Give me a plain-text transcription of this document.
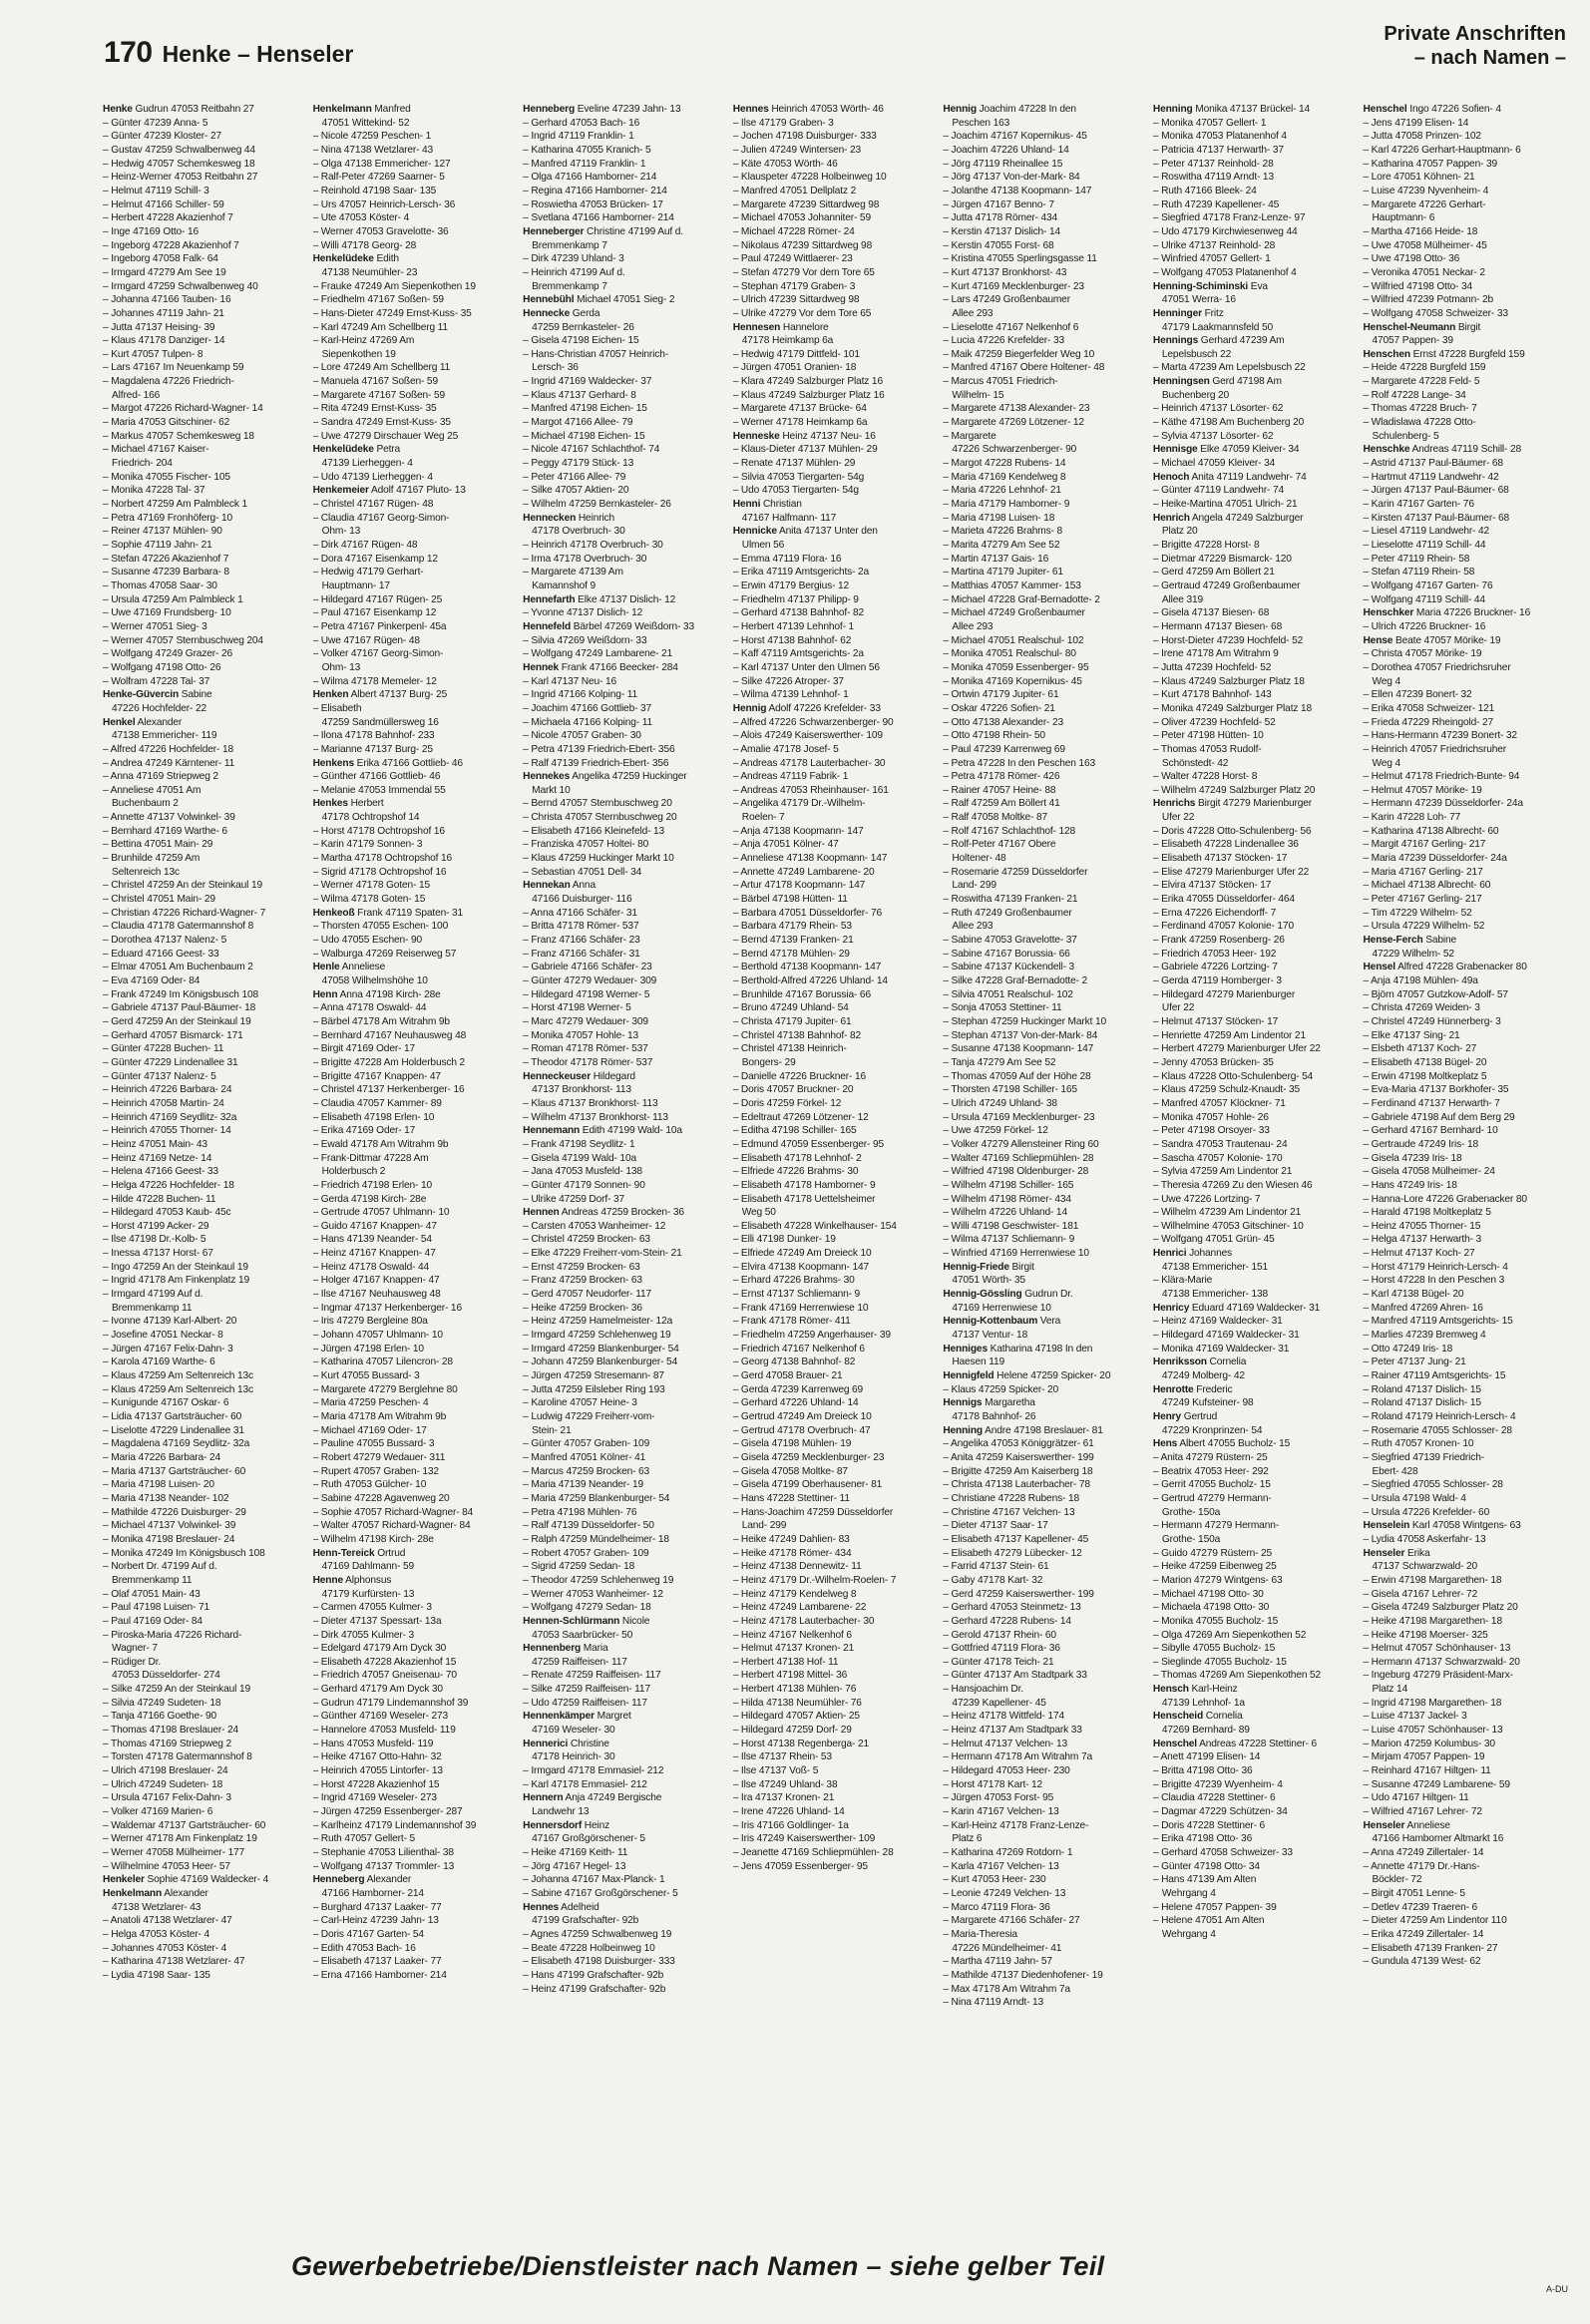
170 Henke – Henseler
Private Anschriften
– nach Namen –
Henke Gudrun 47053 Reitbahn 27
– Günter 47239 Anna- 5
– Günter 47239 Kloster- 27
– Gustav 47259 Schwalbenweg 44
– Hedwig 47057 Schemkesweg 18
– Heinz-Werner 47053 Reitbahn 27
– Helmut 47119 Schill- 3
– Helmut 47166 Schiller- 59
– Herbert 47228 Akazienhof 7
– Inge 47169 Otto- 16
– Ingeborg 47228 Akazienhof 7
– Ingeborg 47058 Falk- 64
– Irmgard 47279 Am See 19
– Irmgard 47259 Schwalbenweg 40
– Johanna 47166 Tauben- 16
– Johannes 47119 Jahn- 21
– Jutta 47137 Heising- 39
– Klaus 47178 Danziger- 14
– Kurt 47057 Tulpen- 8
– Lars 47167 Im Neuenkamp 59
– Magdalena 47226 Friedrich-
Alfred- 166
– Margot 47226 Richard-Wagner- 14
– Maria 47053 Gitschiner- 62
– Markus 47057 Schemkesweg 18
– Michael 47167 Kaiser-
Friedrich- 204
– Monika 47055 Fischer- 105
– Monika 47228 Tal- 37
– Norbert 47259 Am Palmbleck 1
– Petra 47169 Fronhöferg- 10
– Reiner 47137 Mühlen- 90
– Sophie 47119 Jahn- 21
– Stefan 47226 Akazienhof 7
– Susanne 47239 Barbara- 8
– Thomas 47058 Saar- 30
– Ursula 47259 Am Palmbleck 1
– Uwe 47169 Frundsberg- 10
– Werner 47051 Sieg- 3
– Werner 47057 Sternbuschweg 204
– Wolfgang 47249 Grazer- 26
– Wolfgang 47198 Otto- 26
– Wolfram 47228 Tal- 37
Henke-Güvercin Sabine
47226 Hochfelder- 22
Henkel Alexander
47138 Emmericher- 119
– Alfred 47226 Hochfelder- 18
– Andrea 47249 Kärntener- 11
– Anna 47169 Striepweg 2
– Anneliese 47051 Am
Buchenbaum 2
– Annette 47137 Volwinkel- 39
– Bernhard 47169 Warthe- 6
– Bettina 47051 Main- 29
– Brunhilde 47259 Am
Seltenreich 13c
– Christel 47259 An der Steinkaul 19
– Christel 47051 Main- 29
– Christian 47226 Richard-Wagner- 7
– Claudia 47178 Gatermannshof 8
– Dorothea 47137 Nalenz- 5
– Eduard 47166 Geest- 33
– Elmar 47051 Am Buchenbaum 2
– Eva 47169 Oder- 84
– Frank 47249 Im Königsbusch 108
– Gabriele 47137 Paul-Bäumer- 18
– Gerd 47259 An der Steinkaul 19
– Gerhard 47057 Bismarck- 171
– Günter 47228 Buchen- 11
– Günter 47229 Lindenallee 31
– Günter 47137 Nalenz- 5
– Heinrich 47226 Barbara- 24
– Heinrich 47058 Martin- 24
– Heinrich 47169 Seydlitz- 32a
– Heinrich 47055 Thorner- 14
– Heinz 47051 Main- 43
– Heinz 47169 Netze- 14
– Helena 47166 Geest- 33
– Helga 47226 Hochfelder- 18
– Hilde 47228 Buchen- 11
– Hildegard 47053 Kaub- 45c
– Horst 47199 Acker- 29
– Ilse 47198 Dr.-Kolb- 5
– Inessa 47137 Horst- 67
– Ingo 47259 An der Steinkaul 19
– Ingrid 47178 Am Finkenplatz 19
– Irmgard 47199 Auf d.
Bremmenkamp 11
– Ivonne 47139 Karl-Albert- 20
– Josefine 47051 Neckar- 8
– Jürgen 47167 Felix-Dahn- 3
– Karola 47169 Warthe- 6
– Klaus 47259 Am Seltenreich 13c
– Klaus 47259 Am Seltenreich 13c
– Kunigunde 47167 Oskar- 6
– Lidia 47137 Gartsträucher- 60
– Liselotte 47229 Lindenallee 31
– Magdalena 47169 Seydlitz- 32a
– Maria 47226 Barbara- 24
– Maria 47137 Gartsträucher- 60
– Maria 47198 Luisen- 20
– Maria 47138 Neander- 102
– Mathilde 47226 Duisburger- 29
– Michael 47137 Volwinkel- 39
– Monika 47198 Breslauer- 24
– Monika 47249 Im Königsbusch 108
– Norbert Dr. 47199 Auf d.
Bremmenkamp 11
– Olaf 47051 Main- 43
– Paul 47198 Luisen- 71
– Paul 47169 Oder- 84
– Piroska-Maria 47226 Richard-
Wagner- 7
– Rüdiger Dr.
47053 Düsseldorfer- 274
– Silke 47259 An der Steinkaul 19
– Silvia 47249 Sudeten- 18
– Tanja 47166 Goethe- 90
– Thomas 47198 Breslauer- 24
– Thomas 47169 Striepweg 2
– Torsten 47178 Gatermannshof 8
– Ulrich 47198 Breslauer- 24
– Ulrich 47249 Sudeten- 18
– Ursula 47167 Felix-Dahn- 3
– Volker 47169 Marien- 6
– Waldemar 47137 Gartsträucher- 60
– Werner 47178 Am Finkenplatz 19
– Werner 47058 Mülheimer- 177
– Wilhelmine 47053 Heer- 57
Henkeler Sophie 47169 Waldecker- 4
Henkelmann Alexander
47138 Wetzlarer- 43
– Anatoli 47138 Wetzlarer- 47
– Helga 47053 Köster- 4
– Johannes 47053 Köster- 4
– Katharina 47138 Wetzlarer- 47
– Lydia 47198 Saar- 135
Henkelmann Manfred
47051 Wittekind- 52
– Nicole 47259 Peschen- 1
– Nina 47138 Wetzlarer- 43
– Olga 47138 Emmericher- 127
– Ralf-Peter 47269 Saarner- 5
– Reinhold 47198 Saar- 135
– Urs 47057 Heinrich-Lersch- 36
– Ute 47053 Köster- 4
– Werner 47053 Gravelotte- 36
– Willi 47178 Georg- 28
Henkelüdeke Edith
47138 Neumühler- 23
– Frauke 47249 Am Siepenkothen 19
– Friedhelm 47167 Soßen- 59
– Hans-Dieter 47249 Ernst-Kuss- 35
– Karl 47249 Am Schellberg 11
– Karl-Heinz 47269 Am
Siepenkothen 19
– Lore 47249 Am Schellberg 11
– Manuela 47167 Soßen- 59
– Margarete 47167 Soßen- 59
– Rita 47249 Ernst-Kuss- 35
– Sandra 47249 Ernst-Kuss- 35
– Uwe 47279 Dirschauer Weg 25
Henkelüdeke Petra
47139 Lierheggen- 4
– Udo 47139 Lierheggen- 4
Henkemeier Adolf 47167 Pluto- 13
– Christel 47167 Rügen- 48
– Claudia 47167 Georg-Simon-
Ohm- 13
– Dirk 47167 Rügen- 48
– Dora 47167 Eisenkamp 12
– Hedwig 47179 Gerhart-
Hauptmann- 17
– Hildegard 47167 Rügen- 25
– Paul 47167 Eisenkamp 12
– Petra 47167 Pinkerpenl- 45a
– Uwe 47167 Rügen- 48
– Volker 47167 Georg-Simon-
Ohm- 13
– Wilma 47178 Memeler- 12
Henken Albert 47137 Burg- 25
– Elisabeth
47259 Sandmüllersweg 16
– Ilona 47178 Bahnhof- 233
– Marianne 47137 Burg- 25
Henkens Erika 47166 Gottlieb- 46
– Günther 47166 Gottlieb- 46
– Melanie 47053 Immendal 55
Henkes Herbert
47178 Ochtropshof 14
– Horst 47178 Ochtropshof 16
– Karin 47179 Sonnen- 3
– Martha 47178 Ochtropshof 16
– Sigrid 47178 Ochtropshof 16
– Werner 47178 Goten- 15
– Wilma 47178 Goten- 15
Henkeoß Frank 47119 Spaten- 31
– Thorsten 47055 Eschen- 100
– Udo 47055 Eschen- 90
– Walburga 47269 Reiserweg 57
Henle Anneliese
47058 Wilhelmshöhe 10
Henn Anna 47198 Kirch- 28e
– Anna 47178 Oswald- 44
– Bärbel 47178 Am Witrahm 9b
– Bernhard 47167 Neuhausweg 48
– Birgit 47169 Oder- 17
– Brigitte 47228 Am Holderbusch 2
– Brigitte 47167 Knappen- 47
– Christel 47137 Herkenberger- 16
– Claudia 47057 Kammer- 89
– Elisabeth 47198 Erlen- 10
– Erika 47169 Oder- 17
– Ewald 47178 Am Witrahm 9b
– Frank-Dittmar 47228 Am
Holderbusch 2
– Friedrich 47198 Erlen- 10
– Gerda 47198 Kirch- 28e
– Gertrude 47057 Uhlmann- 10
– Guido 47167 Knappen- 47
– Hans 47139 Neander- 54
– Heinz 47167 Knappen- 47
– Heinz 47178 Oswald- 44
– Holger 47167 Knappen- 47
– Ilse 47167 Neuhausweg 48
– Ingmar 47137 Herkenberger- 16
– Iris 47279 Bergleine 80a
– Johann 47057 Uhlmann- 10
– Jürgen 47198 Erlen- 10
– Katharina 47057 Lilencron- 28
– Kurt 47055 Bussard- 3
– Margarete 47279 Berglehne 80
– Maria 47259 Peschen- 4
– Maria 47178 Am Witrahm 9b
– Michael 47169 Oder- 17
– Pauline 47055 Bussard- 3
– Robert 47279 Wedauer- 311
– Rupert 47057 Graben- 132
– Ruth 47053 Gülcher- 10
– Sabine 47228 Agavenweg 20
– Sophie 47057 Richard-Wagner- 84
– Walter 47057 Richard-Wagner- 84
– Wilhelm 47198 Kirch- 28e
Henn-Tereick Ortrud
47169 Dahlmann- 59
Henne Alphonsus
47179 Kurfürsten- 13
– Carmen 47055 Kulmer- 3
– Dieter 47137 Spessart- 13a
– Dirk 47055 Kulmer- 3
– Edelgard 47179 Am Dyck 30
– Elisabeth 47228 Akazienhof 15
– Friedrich 47057 Gneisenau- 70
– Gerhard 47179 Am Dyck 30
– Gudrun 47179 Lindemannshof 39
– Günther 47169 Weseler- 273
– Hannelore 47053 Musfeld- 119
– Hans 47053 Musfeld- 119
– Heike 47167 Otto-Hahn- 32
– Heinrich 47055 Lintorfer- 13
– Horst 47228 Akazienhof 15
– Ingrid 47169 Weseler- 273
– Jürgen 47259 Essenberger- 287
– Karlheinz 47179 Lindemannshof 39
– Ruth 47057 Gellert- 5
– Stephanie 47053 Lilienthal- 38
– Wolfgang 47137 Trommler- 13
Henneberg Alexander
47166 Hamborner- 214
– Burghard 47137 Laaker- 77
– Carl-Heinz 47239 Jahn- 13
– Doris 47167 Garten- 54
– Edith 47053 Bach- 16
– Elisabeth 47137 Laaker- 77
– Erna 47166 Hamborner- 214
Henneberg Eveline 47239 Jahn- 13
– Gerhard 47053 Bach- 16
– Ingrid 47119 Franklin- 1
– Katharina 47055 Kranich- 5
– Manfred 47119 Franklin- 1
– Olga 47166 Hamborner- 214
– Regina 47166 Hamborner- 214
– Roswietha 47053 Brücken- 17
– Svetlana 47166 Hamborner- 214
Henneberger Christine 47199 Auf d.
Bremmenkamp 7
– Dirk 47239 Uhland- 3
– Heinrich 47199 Auf d.
Bremmenkamp 7
Hennebühl Michael 47051 Sieg- 2
Hennecke Gerda
47259 Bernkasteler- 26
– Gisela 47198 Eichen- 15
– Hans-Christian 47057 Heinrich-
Lersch- 36
– Ingrid 47169 Waldecker- 37
– Klaus 47137 Gerhard- 8
– Manfred 47198 Eichen- 15
– Margot 47166 Allee- 79
– Michael 47198 Eichen- 15
– Nicole 47167 Schlachthof- 74
– Peggy 47179 Stück- 13
– Peter 47166 Allee- 79
– Silke 47057 Aktien- 20
– Wilhelm 47259 Bernkasteler- 26
Hennecken Heinrich
47178 Overbruch- 30
– Heinrich 47178 Overbruch- 30
– Irma 47178 Overbruch- 30
– Margarete 47139 Am
Kamannshof 9
Hennefarth Elke 47137 Dislich- 12
– Yvonne 47137 Dislich- 12
Hennefeld Bärbel 47269 Weißdorn- 33
– Silvia 47269 Weißdorn- 33
– Wolfgang 47249 Lambarene- 21
Hennek Frank 47166 Beecker- 284
– Karl 47137 Neu- 16
– Ingrid 47166 Kolping- 11
– Joachim 47166 Gottlieb- 37
– Michaela 47166 Kolping- 11
– Nicole 47057 Graben- 30
– Petra 47139 Friedrich-Ebert- 356
– Ralf 47139 Friedrich-Ebert- 356
Hennekes Angelika 47259 Huckinger
Markt 10
– Bernd 47057 Sternbuschweg 20
– Christa 47057 Sternbuschweg 20
– Elisabeth 47166 Kleinefeld- 13
– Franziska 47057 Holtei- 80
– Klaus 47259 Huckinger Markt 10
– Sebastian 47051 Dell- 34
Hennekan Anna
47166 Duisburger- 116
– Anna 47166 Schäfer- 31
– Britta 47178 Römer- 537
– Franz 47166 Schäfer- 23
– Franz 47166 Schäfer- 31
– Gabriele 47166 Schäfer- 23
– Günter 47279 Wedauer- 309
– Hildegard 47198 Werner- 5
– Horst 47198 Werner- 5
– Marc 47279 Wedauer- 309
– Monika 47057 Hohle- 13
– Roman 47178 Römer- 537
– Theodor 47178 Römer- 537
Henneckeuser Hildegard
47137 Bronkhorst- 113
– Klaus 47137 Bronkhorst- 113
– Wilhelm 47137 Bronkhorst- 113
Hennemann Edith 47199 Wald- 10a
– Frank 47198 Seydlitz- 1
– Gisela 47199 Wald- 10a
– Jana 47053 Musfeld- 138
– Günter 47179 Sonnen- 90
– Ulrike 47259 Dorf- 37
Hennen Andreas 47259 Brocken- 36
– Carsten 47053 Wanheimer- 12
– Christel 47259 Brocken- 63
– Elke 47229 Freiherr-vom-Stein- 21
– Ernst 47259 Brocken- 63
– Franz 47259 Brocken- 63
– Gerd 47057 Neudorfer- 117
– Heike 47259 Brocken- 36
– Heinz 47259 Hamelmeister- 12a
– Irmgard 47259 Schlehenweg 19
– Irmgard 47259 Blankenburger- 54
– Johann 47259 Blankenburger- 54
– Jürgen 47259 Stresemann- 87
– Jutta 47259 Eilsleber Ring 193
– Karoline 47057 Heine- 3
– Ludwig 47229 Freiherr-vom-
Stein- 21
– Günter 47057 Graben- 109
– Manfred 47051 Kölner- 41
– Marcus 47259 Brocken- 63
– Maria 47139 Neander- 19
– Maria 47259 Blankenburger- 54
– Petra 47198 Mühlen- 76
– Ralf 47139 Düsseldorfer- 50
– Ralph 47259 Mündelheimer- 18
– Robert 47057 Graben- 109
– Sigrid 47259 Sedan- 18
– Theodor 47259 Schlehenweg 19
– Werner 47053 Wanheimer- 12
– Wolfgang 47279 Sedan- 18
Hennen-Schlürmann Nicole
47053 Saarbrücker- 50
Hennenberg Maria
47259 Raiffeisen- 117
– Renate 47259 Raiffeisen- 117
– Silke 47259 Raiffeisen- 117
– Udo 47259 Raiffeisen- 117
Hennenkämper Margret
47169 Weseler- 30
Hennerici Christine
47178 Heinrich- 30
– Irmgard 47178 Emmasiel- 212
– Karl 47178 Emmasiel- 212
Hennern Anja 47249 Bergische
Landwehr 13
Hennersdorf Heinz
47167 Großgörschener- 5
– Heike 47169 Keith- 11
– Jörg 47167 Hegel- 13
– Johanna 47167 Max-Planck- 1
– Sabine 47167 Großgörschener- 5
Hennes Adelheid
47199 Grafschafter- 92b
– Agnes 47259 Schwalbenweg 19
– Beate 47228 Holbeinweg 10
– Elisabeth 47198 Duisburger- 333
– Hans 47199 Grafschafter- 92b
– Heinz 47199 Grafschafter- 92b
Hennes Heinrich 47053 Wörth- 46
– Ilse 47179 Graben- 3
– Jochen 47198 Duisburger- 333
– Julien 47249 Wintersen- 23
– Käte 47053 Wörth- 46
– Klauspeter 47228 Holbeinweg 10
– Manfred 47051 Dellplatz 2
– Margarete 47239 Sittardweg 98
– Michael 47053 Johanniter- 59
– Michael 47228 Römer- 24
– Nikolaus 47239 Sittardweg 98
– Paul 47249 Wittlaerer- 23
– Stefan 47279 Vor dem Tore 65
– Stephan 47179 Graben- 3
– Ulrich 47239 Sittardweg 98
– Ulrike 47279 Vor dem Tore 65
Hennesen Hannelore
47178 Heimkamp 6a
– Hedwig 47179 Dittfeld- 101
– Jürgen 47051 Oranien- 18
– Klara 47249 Salzburger Platz 16
– Klaus 47249 Salzburger Platz 16
– Margarete 47137 Brücke- 64
– Werner 47178 Heimkamp 6a
Henneske Heinz 47137 Neu- 16
– Klaus-Dieter 47137 Mühlen- 29
– Renate 47137 Mühlen- 29
– Silvia 47053 Tiergarten- 54g
– Udo 47053 Tiergarten- 54g
Henni Christian
47167 Halfmann- 117
Hennicke Anita 47137 Unter den
Ulmen 56
– Emma 47119 Flora- 16
– Erika 47119 Amtsgerichts- 2a
– Erwin 47179 Bergius- 12
– Friedhelm 47137 Philipp- 9
– Gerhard 47138 Bahnhof- 82
– Herbert 47139 Lehnhof- 1
– Horst 47138 Bahnhof- 62
– Kaff 47119 Amtsgerichts- 2a
– Karl 47137 Unter den Ulmen 56
– Silke 47226 Atroper- 37
– Wilma 47139 Lehnhof- 1
Hennig Adolf 47226 Krefelder- 33
– Alfred 47226 Schwarzenberger- 90
– Alois 47249 Kaiserswerther- 109
– Amalie 47178 Josef- 5
– Andreas 47178 Lauterbacher- 30
– Andreas 47119 Fabrik- 1
– Andreas 47053 Rheinhauser- 161
– Angelika 47179 Dr.-Wilhelm-
Roelen- 7
– Anja 47138 Koopmann- 147
– Anja 47051 Kölner- 47
– Anneliese 47138 Koopmann- 147
– Annette 47249 Lambarene- 20
– Artur 47178 Koopmann- 147
– Bärbel 47198 Hütten- 11
– Barbara 47051 Düsseldorfer- 76
– Barbara 47179 Rhein- 53
– Bernd 47139 Franken- 21
– Bernd 47178 Mühlen- 29
– Berthold 47138 Koopmann- 147
– Berthold-Alfred 47226 Uhland- 14
– Brunhilde 47167 Borussia- 66
– Bruno 47249 Uhland- 54
– Christa 47179 Jupiter- 61
– Christel 47138 Bahnhof- 82
– Christel 47138 Heinrich-
Bongers- 29
– Danielle 47226 Bruckner- 16
– Doris 47057 Bruckner- 20
– Doris 47259 Förkel- 12
– Edeltraut 47269 Lötzener- 12
– Editha 47198 Schiller- 165
– Edmund 47059 Essenberger- 95
– Elisabeth 47178 Lehnhof- 2
– Elfriede 47226 Brahms- 30
– Elisabeth 47178 Hamborner- 9
– Elisabeth 47178 Uettelsheimer
Weg 50
– Elisabeth 47228 Winkelhauser- 154
– Elli 47198 Dunker- 19
– Elfriede 47249 Am Dreieck 10
– Elvira 47138 Koopmann- 147
– Erhard 47226 Brahms- 30
– Ernst 47137 Schliemann- 9
– Frank 47169 Herrenwiese 10
– Frank 47178 Römer- 411
– Friedhelm 47259 Angerhauser- 39
– Friedrich 47167 Nelkenhof 6
– Georg 47138 Bahnhof- 82
– Gerd 47058 Brauer- 21
– Gerda 47239 Karrenweg 69
– Gerhard 47226 Uhland- 14
– Gertrud 47249 Am Dreieck 10
– Gertrud 47178 Overbruch- 47
– Gisela 47198 Mühlen- 19
– Gisela 47259 Mecklenburger- 23
– Gisela 47058 Moltke- 87
– Gisela 47199 Oberhausener- 81
– Hans 47228 Stettiner- 11
– Hans-Joachim 47259 Düsseldorfer
Land- 299
– Heike 47249 Dahlien- 83
– Heike 47178 Römer- 434
– Heinz 47138 Dennewitz- 11
– Heinz 47179 Dr.-Wilhelm-Roelen- 7
– Heinz 47179 Kendelweg 8
– Heinz 47249 Lambarene- 22
– Heinz 47178 Lauterbacher- 30
– Heinz 47167 Nelkenhof 6
– Helmut 47137 Kronen- 21
– Herbert 47138 Hof- 11
– Herbert 47198 Mittel- 36
– Herbert 47138 Mühlen- 76
– Hilda 47138 Neumühler- 76
– Hildegard 47057 Aktien- 25
– Hildegard 47259 Dorf- 29
– Horst 47138 Regenberga- 21
– Ilse 47137 Rhein- 53
– Ilse 47137 Voß- 5
– Ilse 47249 Uhland- 38
– Ira 47137 Kronen- 21
– Irene 47226 Uhland- 14
– Iris 47166 Goldlinger- 1a
– Iris 47249 Kaiserswerther- 109
– Jeanette 47169 Schliepmühlen- 28
– Jens 47059 Essenberger- 95
Hennig Joachim 47228 In den
Peschen 163
– Joachim 47167 Kopernikus- 45
– Joachim 47226 Uhland- 14
– Jörg 47119 Rheinallee 15
– Jörg 47137 Von-der-Mark- 84
– Jolanthe 47138 Koopmann- 147
– Jürgen 47167 Benno- 7
– Jutta 47178 Römer- 434
– Kerstin 47137 Dislich- 14
– Kerstin 47055 Forst- 68
– Kristina 47055 Sperlingsgasse 11
– Kurt 47137 Bronkhorst- 43
– Kurt 47169 Mecklenburger- 23
– Lars 47249 Großenbaumer
Allee 293
– Lieselotte 47167 Nelkenhof 6
– Lucia 47226 Krefelder- 33
– Maik 47259 Biegerfelder Weg 10
– Manfred 47167 Obere Holtener- 48
– Marcus 47051 Friedrich-
Wilhelm- 15
– Margarete 47138 Alexander- 23
– Margarete 47269 Lötzener- 12
– Margarete
47226 Schwarzenberger- 90
– Margot 47228 Rubens- 14
– Maria 47169 Kendelweg 8
– Maria 47226 Lehnhof- 21
– Maria 47179 Hamborner- 9
– Maria 47198 Luisen- 18
– Marieta 47226 Brahms- 8
– Marita 47279 Am See 52
– Martin 47137 Gais- 16
– Martina 47179 Jupiter- 61
– Matthias 47057 Kammer- 153
– Michael 47228 Graf-Bernadotte- 2
– Michael 47249 Großenbaumer
Allee 293
– Michael 47051 Realschul- 102
– Monika 47051 Realschul- 80
– Monika 47059 Essenberger- 95
– Monika 47169 Kopernikus- 45
– Ortwin 47179 Jupiter- 61
– Oskar 47226 Sofien- 21
– Otto 47138 Alexander- 23
– Otto 47198 Rhein- 50
– Paul 47239 Karrenweg 69
– Petra 47228 In den Peschen 163
– Petra 47178 Römer- 426
– Rainer 47057 Heine- 88
– Ralf 47259 Am Böllert 41
– Ralf 47058 Moltke- 87
– Rolf 47167 Schlachthof- 128
– Rolf-Peter 47167 Obere
Holtener- 48
– Rosemarie 47259 Düsseldorfer
Land- 299
– Roswitha 47139 Franken- 21
– Ruth 47249 Großenbaumer
Allee 293
– Sabine 47053 Gravelotte- 37
– Sabine 47167 Borussia- 66
– Sabine 47137 Kückendell- 3
– Silke 47228 Graf-Bernadotte- 2
– Silvia 47051 Realschul- 102
– Sonja 47053 Stettiner- 11
– Stephan 47259 Huckinger Markt 10
– Stephan 47137 Von-der-Mark- 84
– Susanne 47138 Koopmann- 147
– Tanja 47279 Am See 52
– Thomas 47059 Auf der Höhe 28
– Thorsten 47198 Schiller- 165
– Ulrich 47249 Uhland- 38
– Ursula 47169 Mecklenburger- 23
– Uwe 47259 Förkel- 12
– Volker 47279 Allensteiner Ring 60
– Walter 47169 Schliepmühlen- 28
– Wilfried 47198 Oldenburger- 28
– Wilhelm 47198 Schiller- 165
– Wilhelm 47198 Römer- 434
– Wilhelm 47226 Uhland- 14
– Willi 47198 Geschwister- 181
– Wilma 47137 Schliemann- 9
– Winfried 47169 Herrenwiese 10
Hennig-Friede Birgit
47051 Wörth- 35
Hennig-Gössling Gudrun Dr.
47169 Herrenwiese 10
Hennig-Kottenbaum Vera
47137 Ventur- 18
Henniges Katharina 47198 In den
Haesen 119
Hennigfeld Helene 47259 Spicker- 20
– Klaus 47259 Spicker- 20
Hennigs Margaretha
47178 Bahnhof- 26
Henning Andre 47198 Breslauer- 81
– Angelika 47053 Königgrätzer- 61
– Anita 47259 Kaiserswerther- 199
– Brigitte 47259 Am Kaiserberg 18
– Christa 47138 Lauterbacher- 78
– Christiane 47228 Rubens- 18
– Christine 47167 Velchen- 13
– Dieter 47137 Saar- 17
– Elisabeth 47137 Kapellener- 45
– Elisabeth 47279 Lübecker- 12
– Farrid 47137 Stein- 61
– Gaby 47178 Kart- 32
– Gerd 47259 Kaiserswerther- 199
– Gerhard 47053 Steinmetz- 13
– Gerhard 47228 Rubens- 14
– Gerold 47137 Rhein- 60
– Gottfried 47119 Flora- 36
– Günter 47178 Teich- 21
– Günter 47137 Am Stadtpark 33
– Hansjoachim Dr.
47239 Kapellener- 45
– Heinz 47178 Wittfeld- 174
– Heinz 47137 Am Stadtpark 33
– Helmut 47137 Velchen- 13
– Hermann 47178 Am Witrahm 7a
– Hildegard 47053 Heer- 230
– Horst 47178 Kart- 12
– Jürgen 47053 Forst- 95
– Karin 47167 Velchen- 13
– Karl-Heinz 47178 Franz-Lenze-
Platz 6
– Katharina 47269 Rotdorn- 1
– Karla 47167 Velchen- 13
– Kurt 47053 Heer- 230
– Leonie 47249 Velchen- 13
– Marco 47119 Flora- 36
– Margarete 47166 Schäfer- 27
– Maria-Theresia
47226 Mündelheimer- 41
– Martha 47119 Jahn- 57
– Mathilde 47137 Diedenhofener- 19
– Max 47178 Am Witrahm 7a
– Nina 47119 Arndt- 13
Henning Monika 47137 Brückel- 14
– Monika 47057 Gellert- 1
– Monika 47053 Platanenhof 4
– Patricia 47137 Herwarth- 37
– Peter 47137 Reinhold- 28
– Roswitha 47119 Arndt- 13
– Ruth 47166 Bleek- 24
– Ruth 47239 Kapellener- 45
– Siegfried 47178 Franz-Lenze- 97
– Udo 47179 Kirchwiesenweg 44
– Ulrike 47137 Reinhold- 28
– Winfried 47057 Gellert- 1
– Wolfgang 47053 Platanenhof 4
Henning-Schiminski Eva
47051 Werra- 16
Henninger Fritz
47179 Laakmannsfeld 50
Hennings Gerhard 47239 Am
Lepelsbusch 22
– Marta 47239 Am Lepelsbusch 22
Henningsen Gerd 47198 Am
Buchenberg 20
– Heinrich 47137 Lösorter- 62
– Käthe 47198 Am Buchenberg 20
– Sylvia 47137 Lösorter- 62
Hennisge Elke 47059 Kleiver- 34
– Michael 47059 Kleiver- 34
Henoch Anita 47119 Landwehr- 74
– Günter 47119 Landwehr- 74
– Heike-Martina 47051 Ulrich- 21
Henrich Angela 47249 Salzburger
Platz 20
– Brigitte 47228 Horst- 8
– Dietmar 47229 Bismarck- 120
– Gerd 47259 Am Böllert 21
– Gertraud 47249 Großenbaumer
Allee 319
– Gisela 47137 Biesen- 68
– Hermann 47137 Biesen- 68
– Horst-Dieter 47239 Hochfeld- 52
– Irene 47178 Am Witrahm 9
– Jutta 47239 Hochfeld- 52
– Klaus 47249 Salzburger Platz 18
– Kurt 47178 Bahnhof- 143
– Monika 47249 Salzburger Platz 18
– Oliver 47239 Hochfeld- 52
– Peter 47198 Hütten- 10
– Thomas 47053 Rudolf-
Schönstedt- 42
– Walter 47228 Horst- 8
– Wilhelm 47249 Salzburger Platz 20
Henrichs Birgit 47279 Marienburger
Ufer 22
– Doris 47228 Otto-Schulenberg- 56
– Elisabeth 47228 Lindenallee 36
– Elisabeth 47137 Stöcken- 17
– Elise 47279 Marienburger Ufer 22
– Elvira 47137 Stöcken- 17
– Erika 47055 Düsseldorfer- 464
– Erna 47226 Eichendorff- 7
– Ferdinand 47057 Kolonie- 170
– Frank 47259 Rosenberg- 26
– Friedrich 47053 Heer- 192
– Gabriele 47226 Lortzing- 7
– Gerda 47119 Homberger- 3
– Hildegard 47279 Marienburger
Ufer 22
– Helmut 47137 Stöcken- 17
– Henriette 47259 Am Lindentor 21
– Herbert 47279 Marienburger Ufer 22
– Jenny 47053 Brücken- 35
– Klaus 47228 Otto-Schulenberg- 54
– Klaus 47259 Schulz-Knaudt- 35
– Manfred 47057 Klöckner- 71
– Monika 47057 Hohle- 26
– Peter 47198 Orsoyer- 33
– Sandra 47053 Trautenau- 24
– Sascha 47057 Kolonie- 170
– Sylvia 47259 Am Lindentor 21
– Theresia 47269 Zu den Wiesen 46
– Uwe 47226 Lortzing- 7
– Wilhelm 47239 Am Lindentor 21
– Wilhelmine 47053 Gitschiner- 10
– Wolfgang 47051 Grün- 45
Henrici Johannes
47138 Emmericher- 151
– Klära-Marie
47138 Emmericher- 138
Henricy Eduard 47169 Waldecker- 31
– Heinz 47169 Waldecker- 31
– Hildegard 47169 Waldecker- 31
– Monika 47169 Waldecker- 31
Henriksson Cornelia
47249 Molberg- 42
Henrotte Frederic
47249 Kufsteiner- 98
Henry Gertrud
47229 Kronprinzen- 54
Hens Albert 47055 Bucholz- 15
– Anita 47279 Rüstern- 25
– Beatrix 47053 Heer- 292
– Gerrit 47055 Bucholz- 15
– Gertrud 47279 Hermann-
Grothe- 150a
– Hermann 47279 Hermann-
Grothe- 150a
– Guido 47279 Rüstern- 25
– Heike 47259 Eibenweg 25
– Marion 47279 Wintgens- 63
– Michael 47198 Otto- 30
– Michaela 47198 Otto- 30
– Monika 47055 Bucholz- 15
– Olga 47269 Am Siepenkothen 52
– Sibylle 47055 Bucholz- 15
– Sieglinde 47055 Bucholz- 15
– Thomas 47269 Am Siepenkothen 52
Hensch Karl-Heinz
47139 Lehnhof- 1a
Henscheid Cornelia
47269 Bernhard- 89
Henschel Andreas 47228 Stettiner- 6
– Anett 47199 Elisen- 14
– Britta 47198 Otto- 36
– Brigitte 47239 Wyenheim- 4
– Claudia 47228 Stettiner- 6
– Dagmar 47229 Schützen- 34
– Doris 47228 Stettiner- 6
– Erika 47198 Otto- 36
– Gerhard 47058 Schweizer- 33
– Günter 47198 Otto- 34
– Hans 47139 Am Alten
Wehrgang 4
– Helene 47057 Pappen- 39
– Helene 47051 Am Alten
Wehrgang 4
Henschel Ingo 47226 Sofien- 4
– Jens 47199 Elisen- 14
– Jutta 47058 Prinzen- 102
– Karl 47226 Gerhart-Hauptmann- 6
– Katharina 47057 Pappen- 39
– Lore 47051 Köhnen- 21
– Luise 47239 Nyvenheim- 4
– Margarete 47226 Gerhart-
Hauptmann- 6
– Martha 47166 Heide- 18
– Uwe 47058 Mülheimer- 45
– Uwe 47198 Otto- 36
– Veronika 47051 Neckar- 2
– Wilfried 47198 Otto- 34
– Wilfried 47239 Potmann- 2b
– Wolfgang 47058 Schweizer- 33
Henschel-Neumann Birgit
47057 Pappen- 39
Henschen Ernst 47228 Burgfeld 159
– Heide 47228 Burgfeld 159
– Margarete 47228 Feld- 5
– Rolf 47228 Lange- 34
– Thomas 47228 Bruch- 7
– Wladislawa 47228 Otto-
Schulenberg- 5
Henschke Andreas 47119 Schill- 28
– Astrid 47137 Paul-Bäumer- 68
– Hartmut 47119 Landwehr- 42
– Jürgen 47137 Paul-Bäumer- 68
– Karin 47167 Garten- 76
– Kirsten 47137 Paul-Bäumer- 68
– Liesel 47119 Landwehr- 42
– Lieselotte 47119 Schill- 44
– Peter 47119 Rhein- 58
– Stefan 47119 Rhein- 58
– Wolfgang 47167 Garten- 76
– Wolfgang 47119 Schill- 44
Henschker Maria 47226 Bruckner- 16
– Ulrich 47226 Bruckner- 16
Hense Beate 47057 Mörike- 19
– Christa 47057 Mörike- 19
– Dorothea 47057 Friedrichsruher
Weg 4
– Ellen 47239 Bonert- 32
– Erika 47058 Schweizer- 121
– Frieda 47229 Rheingold- 27
– Hans-Hermann 47239 Bonert- 32
– Heinrich 47057 Friedrichsruher
Weg 4
– Helmut 47178 Friedrich-Bunte- 94
– Helmut 47057 Mörike- 19
– Hermann 47239 Düsseldorfer- 24a
– Karin 47228 Loh- 77
– Katharina 47138 Albrecht- 60
– Margit 47167 Gerling- 217
– Maria 47239 Düsseldorfer- 24a
– Maria 47167 Gerling- 217
– Michael 47138 Albrecht- 60
– Peter 47167 Gerling- 217
– Tim 47229 Wilhelm- 52
– Ursula 47229 Wilhelm- 52
Hense-Ferch Sabine
47229 Wilhelm- 52
Hensel Alfred 47228 Grabenacker 80
– Anja 47198 Mühlen- 49a
– Björn 47057 Gutzkow-Adolf- 57
– Christa 47269 Weiden- 3
– Christel 47249 Hünnerberg- 3
– Elke 47137 Sing- 21
– Elsbeth 47137 Koch- 27
– Elisabeth 47138 Bügel- 20
– Erwin 47198 Moltkeplatz 5
– Eva-Maria 47137 Borkhofer- 35
– Ferdinand 47137 Herwarth- 7
– Gabriele 47198 Auf dem Berg 29
– Gerhard 47167 Bernhard- 10
– Gertraude 47249 Iris- 18
– Gisela 47239 Iris- 18
– Gisela 47058 Mülheimer- 24
– Hans 47249 Iris- 18
– Hanna-Lore 47226 Grabenacker 80
– Harald 47198 Moltkeplatz 5
– Heinz 47055 Thorner- 15
– Helga 47137 Herwarth- 3
– Helmut 47137 Koch- 27
– Horst 47179 Heinrich-Lersch- 4
– Horst 47228 In den Peschen 3
– Karl 47138 Bügel- 20
– Manfred 47269 Ahren- 16
– Manfred 47119 Amtsgerichts- 15
– Marlies 47239 Bremweg 4
– Otto 47249 Iris- 18
– Peter 47137 Jung- 21
– Rainer 47119 Amtsgerichts- 15
– Roland 47137 Dislich- 15
– Roland 47137 Dislich- 15
– Roland 47179 Heinrich-Lersch- 4
– Rosemarie 47055 Schlosser- 28
– Ruth 47057 Kronen- 10
– Siegfried 47139 Friedrich-
Ebert- 428
– Siegfried 47055 Schlosser- 28
– Ursula 47198 Wald- 4
– Ursula 47226 Krefelder- 60
Henselein Karl 47058 Wintgens- 63
– Lydia 47058 Askerfahr- 13
Henseler Erika
47137 Schwarzwald- 20
– Erwin 47198 Margarethen- 18
– Gisela 47167 Lehrer- 72
– Gisela 47249 Salzburger Platz 20
– Heike 47198 Margarethen- 18
– Heike 47198 Moerser- 325
– Helmut 47057 Schönhauser- 13
– Hermann 47137 Schwarzwald- 20
– Ingeburg 47279 Präsident-Marx-
Platz 14
– Ingrid 47198 Margarethen- 18
– Luise 47137 Jackel- 3
– Luise 47057 Schönhauser- 13
– Marion 47259 Kolumbus- 30
– Mirjam 47057 Pappen- 19
– Reinhard 47167 Hiltgen- 11
– Susanne 47249 Lambarene- 59
– Udo 47167 Hiltgen- 11
– Wilfried 47167 Lehrer- 72
Henseler Anneliese
47166 Hamborner Altmarkt 16
– Anna 47249 Zillertaler- 14
– Annette 47179 Dr.-Hans-
Böckler- 72
– Birgit 47051 Lenne- 5
– Detlev 47239 Traeren- 6
– Dieter 47259 Am Lindentor 110
– Erika 47249 Zillertaler- 14
– Elisabeth 47139 Franken- 27
– Gundula 47139 West- 62
Gewerbebetriebe/Dienstleister nach Namen – siehe gelber Teil
A-DU
